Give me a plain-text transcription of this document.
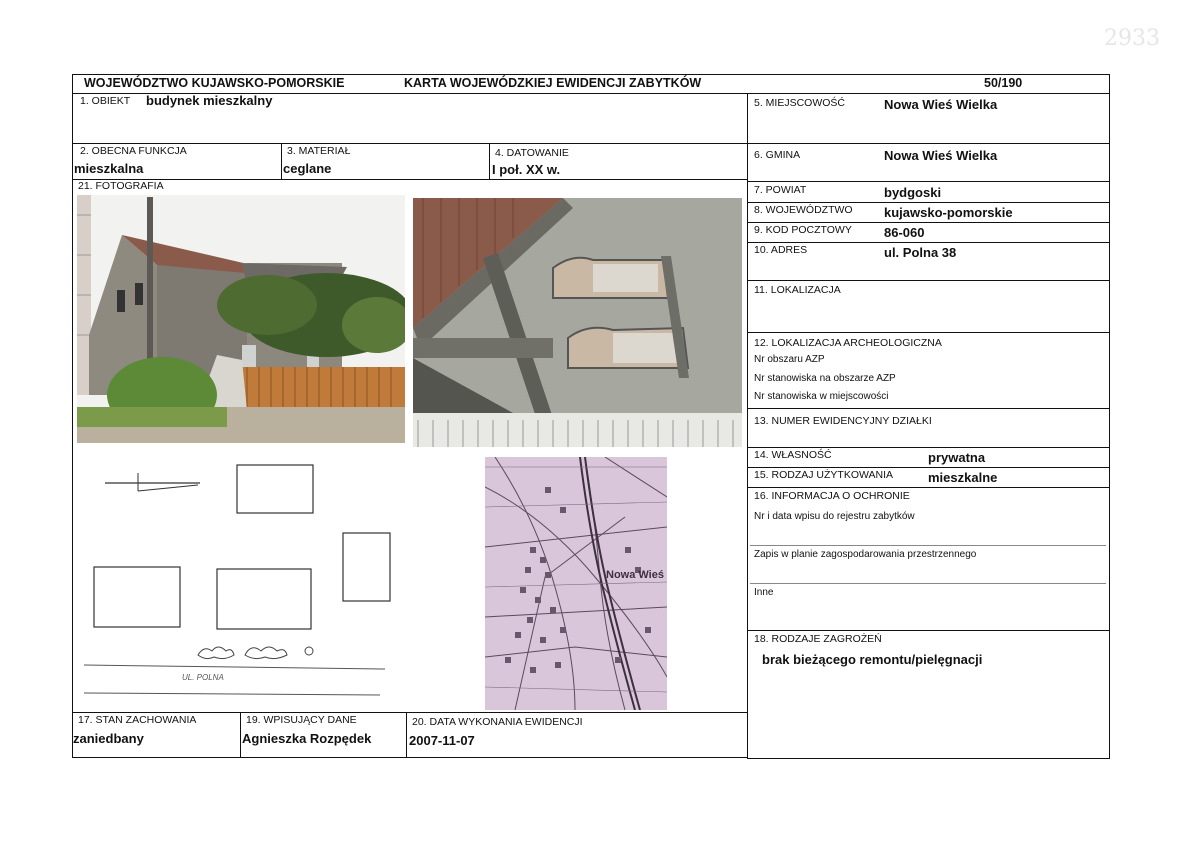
2933
WOJEWÓDZTWO KUJAWSKO-POMORSKIE	KARTA WOJEWÓDZKIEJ EWIDENCJI ZABYTKÓW	50/190
1. OBIEKT budynek mieszkalny
2. OBECNA FUNKCJA
mieszkalna
3. MATERIAŁ
ceglane
4. DATOWANIE
I poł. XX w.
21. FOTOGRAFIA
UL. POLNA
Nowa Wieś
17. STAN ZACHOWANIA
zaniedbany
19. WPISUJĄCY DANE
Agnieszka Rozpędek
20. DATA WYKONANIA EWIDENCJI
2007-11-07
5. MIEJSCOWOŚĆ	Nowa Wieś Wielka
6. GMINA	Nowa Wieś Wielka
7. POWIAT	bydgoski
8. WOJEWÓDZTWO kujawsko-pomorskie
9. KOD POCZTOWY 86-060
10. ADRES	ul. Polna 38
11. LOKALIZACJA
12. LOKALIZACJA ARCHEOLOGICZNA
Nr obszaru AZP
Nr stanowiska na obszarze AZP
Nr stanowiska w miejscowości
13. NUMER EWIDENCYJNY DZIAŁKI
14. WŁASNOŚĆ	prywatna
15. RODZAJ UŻYTKOWANIA	mieszkalne
16. INFORMACJA O OCHRONIE
Nr i data wpisu do rejestru zabytków
Zapis w planie zagospodarowania przestrzennego
Inne
18. RODZAJE ZAGROŻEŃ
brak bieżącego remontu/pielęgnacji
